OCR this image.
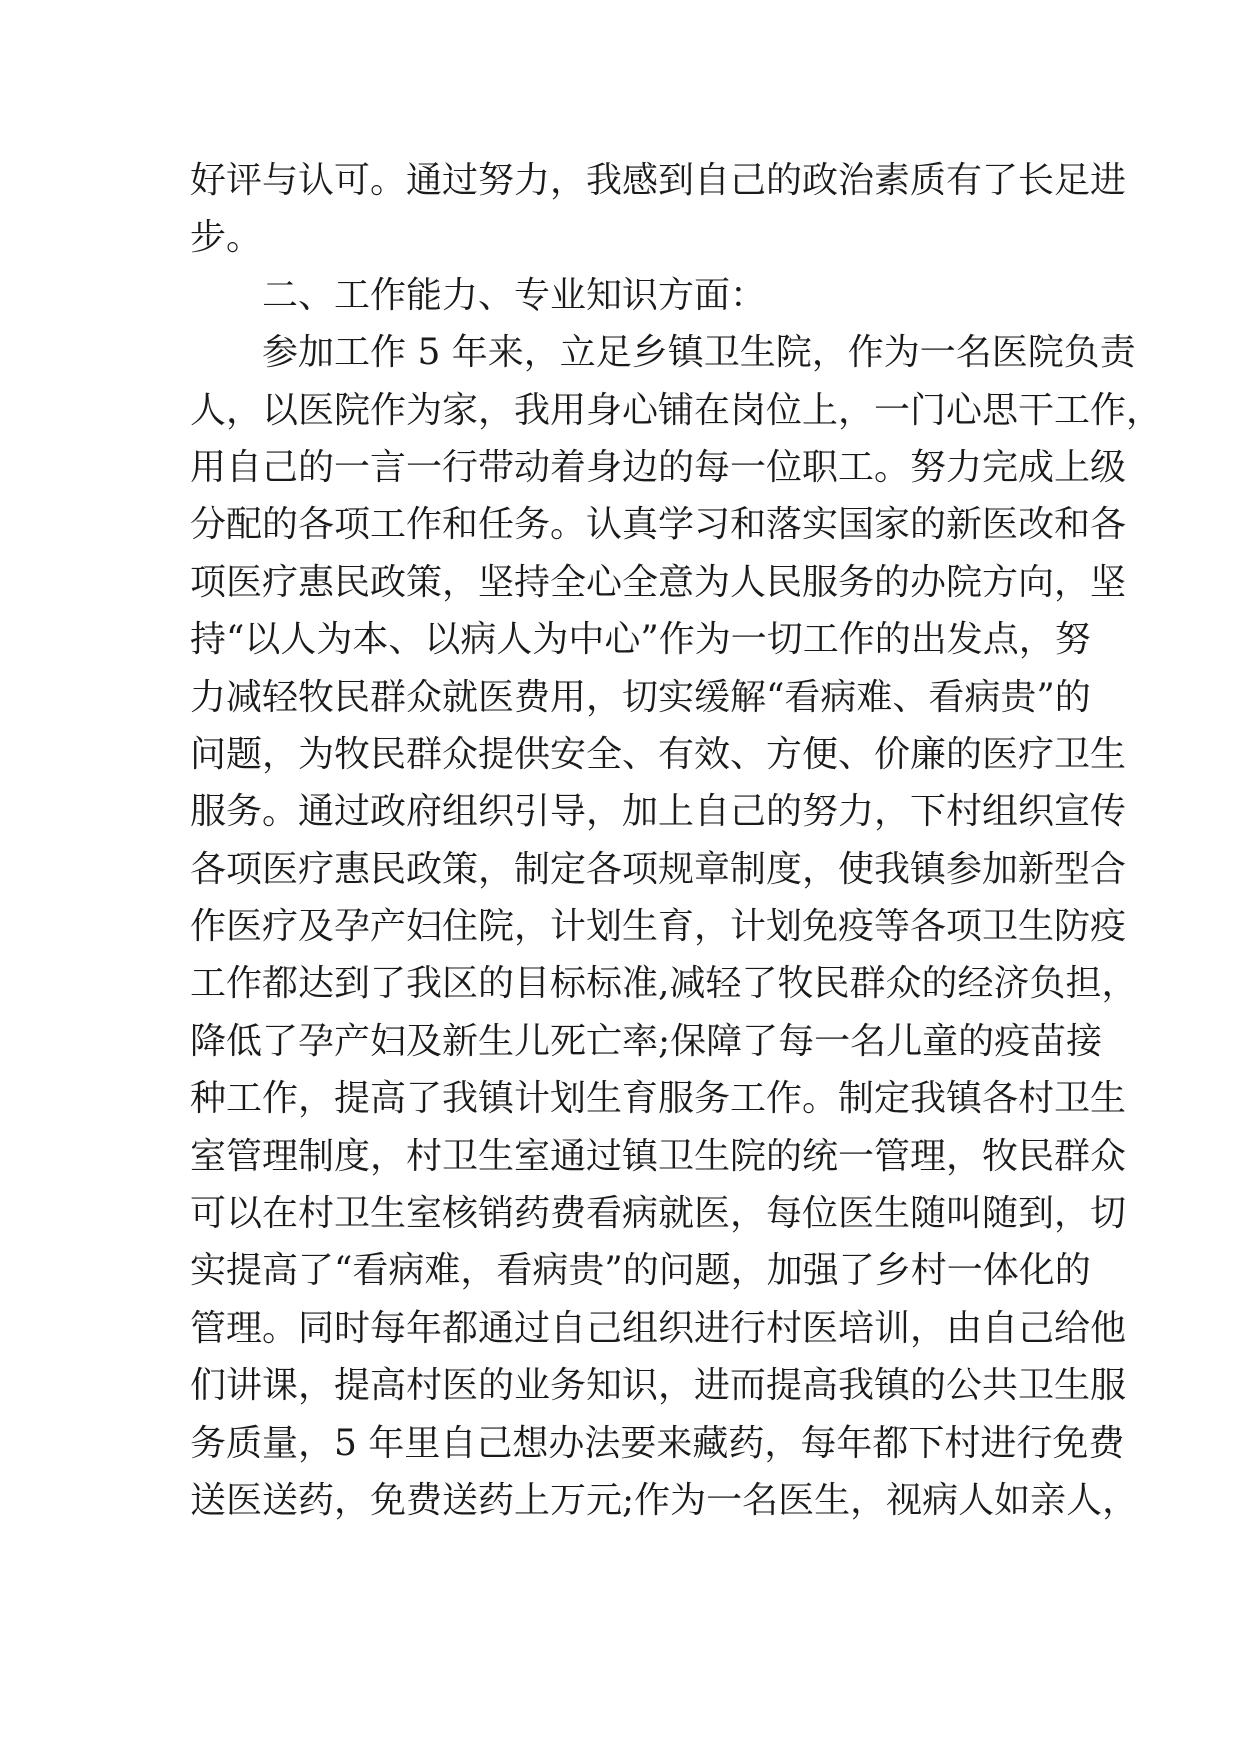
好评与认可。通过努力，我感到自己的政治素质有了长足进
步。
二、工作能力、专业知识方面：
参加工作 5 年来，立足乡镇卫生院，作为一名医院负责
人，以医院作为家，我用身心铺在岗位上，一门心思干工作，
用自己的一言一行带动着身边的每一位职工。努力完成上级
分配的各项工作和任务。认真学习和落实国家的新医改和各
项医疗惠民政策，坚持全心全意为人民服务的办院方向，坚
持“以人为本、以病人为中心”作为一切工作的出发点，努
力减轻牧民群众就医费用，切实缓解“看病难、看病贵”的
问题，为牧民群众提供安全、有效、方便、价廉的医疗卫生
服务。通过政府组织引导，加上自己的努力，下村组织宣传
各项医疗惠民政策，制定各项规章制度，使我镇参加新型合
作医疗及孕产妇住院，计划生育，计划免疫等各项卫生防疫
工作都达到了我区的目标标准,减轻了牧民群众的经济负担，
降低了孕产妇及新生儿死亡率;保障了每一名儿童的疫苗接
种工作，提高了我镇计划生育服务工作。制定我镇各村卫生
室管理制度，村卫生室通过镇卫生院的统一管理，牧民群众
可以在村卫生室核销药费看病就医，每位医生随叫随到，切
实提高了“看病难，看病贵”的问题，加强了乡村一体化的
管理。同时每年都通过自己组织进行村医培训，由自己给他
们讲课，提高村医的业务知识，进而提高我镇的公共卫生服
务质量，5 年里自己想办法要来藏药，每年都下村进行免费
送医送药，免费送药上万元;作为一名医生，视病人如亲人，
